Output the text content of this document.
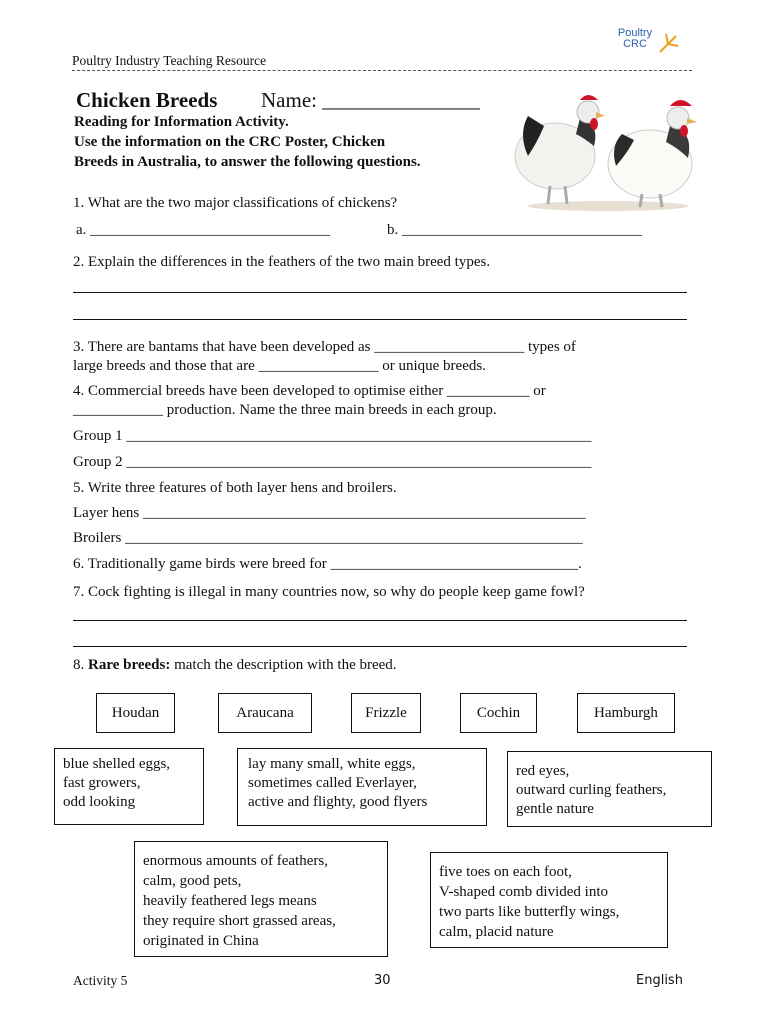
Poultry Industry Teaching Resource
Poultry
CRC
Chicken Breeds Name: _______________
Reading for Information Activity.
Use the information on the CRC Poster, Chicken
Breeds in Australia, to answer the following questions.
1. What are the two major classifications of chickens?
a. ________________________________	b. ________________________________
2. Explain the differences in the feathers of the two main breed types.
3. There are bantams that have been developed as ____________________ types of
large breeds and those that are ________________ or unique breeds.
4. Commercial breeds have been developed to optimise either ___________ or
____________ production. Name the three main breeds in each group.
Group 1 ______________________________________________________________
Group 2 ______________________________________________________________
5. Write three features of both layer hens and broilers.
Layer hens ___________________________________________________________
Broilers _____________________________________________________________
6. Traditionally game birds were breed for _________________________________.
7. Cock fighting is illegal in many countries now, so why do people keep game fowl?
8. Rare breeds: match the description with the breed.
Houdan	Araucana	Frizzle	Cochin	Hamburgh
blue shelled eggs,
fast growers,
odd looking
lay many small, white eggs,
sometimes called Everlayer,
active and flighty, good flyers
red eyes,
outward curling feathers,
gentle nature
enormous amounts of feathers,
calm, good pets,
heavily feathered legs means
they require short grassed areas,
originated in China
five toes on each foot,
V-shaped comb divided into
two parts like butterfly wings,
calm, placid nature
Activity 5	30	English
